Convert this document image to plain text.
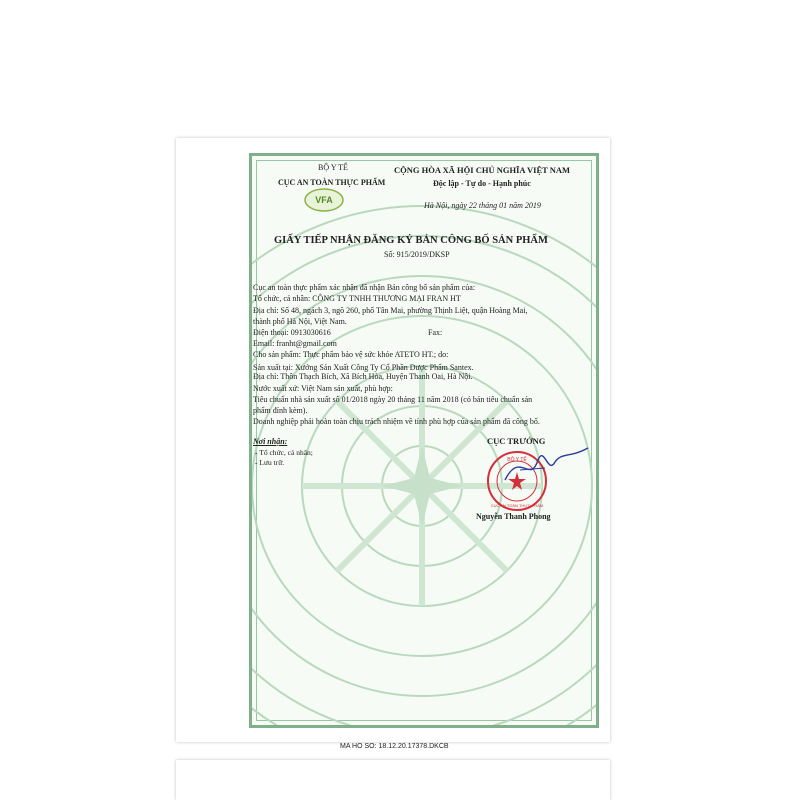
VFA
BỘ Y TẾ
CỤC AN TOÀN THỰC PHẨM
CỘNG HÒA XÃ HỘI CHỦ NGHĨA VIỆT NAM
Độc lập - Tự do - Hạnh phúc
Hà Nội, ngày 22 tháng 01 năm 2019
GIẤY TIẾP NHẬN ĐĂNG KÝ BẢN CÔNG BỐ SẢN PHẨM
Số: 915/2019/DKSP
Cục an toàn thực phẩm xác nhận đã nhận Bản công bố sản phẩm của:
Tổ chức, cá nhân: CÔNG TY TNHH THƯƠNG MẠI FRAN HT
Địa chỉ: Số 48, ngách 3, ngõ 260, phố Tân Mai, phường Thịnh Liệt, quận Hoàng Mai,
thành phố Hà Nội, Việt Nam.
Điện thoại: 0913030616	Fax:
Email: franht@gmail.com
Cho sản phẩm: Thực phẩm bảo vệ sức khỏe ATETO HT.; do:
Sản xuất tại: Xưởng Sản Xuất Công Ty Cổ Phần Dược Phẩm Santex.
Địa chỉ: Thôn Thạch Bích, Xã Bích Hòa, Huyện Thanh Oai, Hà Nội.
Nước xuất xứ: Việt Nam sản xuất, phù hợp:
Tiêu chuẩn nhà sản xuất số 01/2018 ngày 20 tháng 11 năm 2018 (có bản tiêu chuẩn sản
phẩm đính kèm).
Doanh nghiệp phải hoàn toàn chịu trách nhiệm về tính phù hợp của sản phẩm đã công bố.
Nơi nhận:
- Tổ chức, cá nhân;
- Lưu trữ.
CỤC TRƯỞNG
BỘ Y TẾ
CỤC AN TOÀN THỰC PHẨM
Nguyễn Thanh Phong
MA HO SO: 18.12.20.17378.DKCB
